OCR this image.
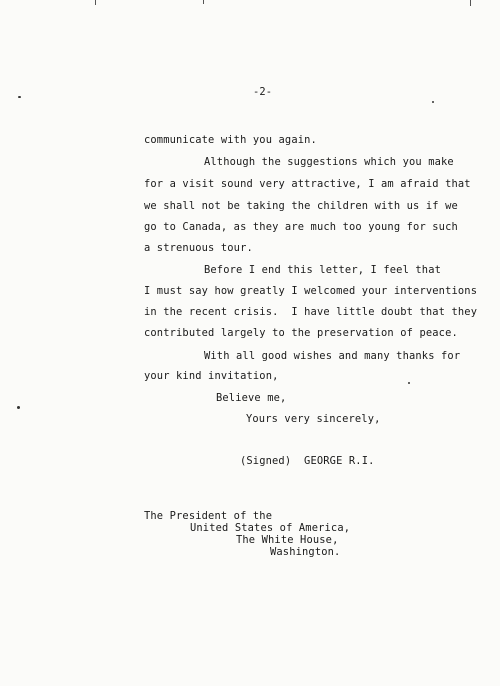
-2-
communicate with you again.
Although the suggestions which you make
for a visit sound very attractive, I am afraid that
we shall not be taking the children with us if we
go to Canada, as they are much too young for such
a strenuous tour.
Before I end this letter, I feel that
I must say how greatly I welcomed your interventions
in the recent crisis.  I have little doubt that they
contributed largely to the preservation of peace.
With all good wishes and many thanks for
your kind invitation,
Believe me,
Yours very sincerely,
(Signed)  GEORGE R.I.
The President of the
United States of America,
The White House,
Washington.
